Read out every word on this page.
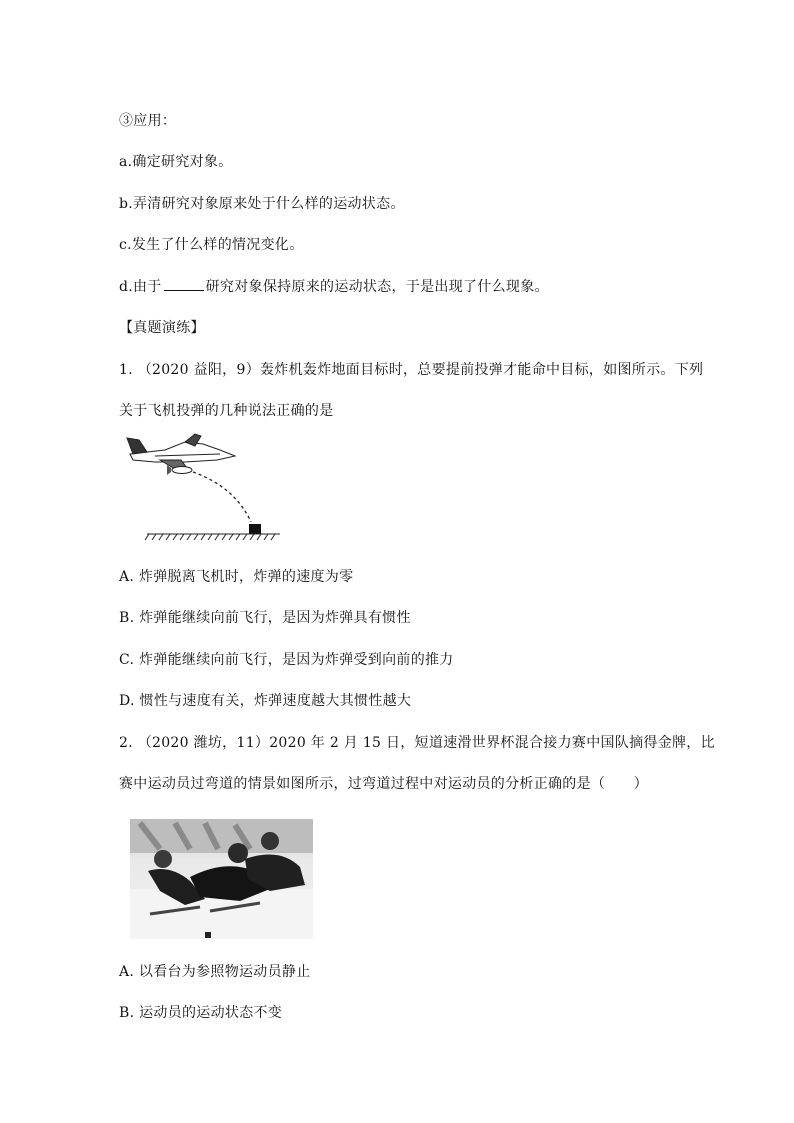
③应用：
a.确定研究对象。
b.弄清研究对象原来处于什么样的运动状态。
c.发生了什么样的情况变化。
d.由于	研究对象保持原来的运动状态，于是出现了什么现象。
【真题演练】
1. （2020 益阳，9）轰炸机轰炸地面目标时，总要提前投弹才能命中目标，如图所示。下列
关于飞机投弹的几种说法正确的是
A. 炸弹脱离飞机时，炸弹的速度为零
B. 炸弹能继续向前飞行，是因为炸弹具有惯性
C. 炸弹能继续向前飞行，是因为炸弹受到向前的推力
D. 惯性与速度有关，炸弹速度越大其惯性越大
2. （2020 潍坊，11）2020 年 2 月 15 日，短道速滑世界杯混合接力赛中国队摘得金牌，比
赛中运动员过弯道的情景如图所示，过弯道过程中对运动员的分析正确的是（　　）
A. 以看台为参照物运动员静止
B. 运动员的运动状态不变
